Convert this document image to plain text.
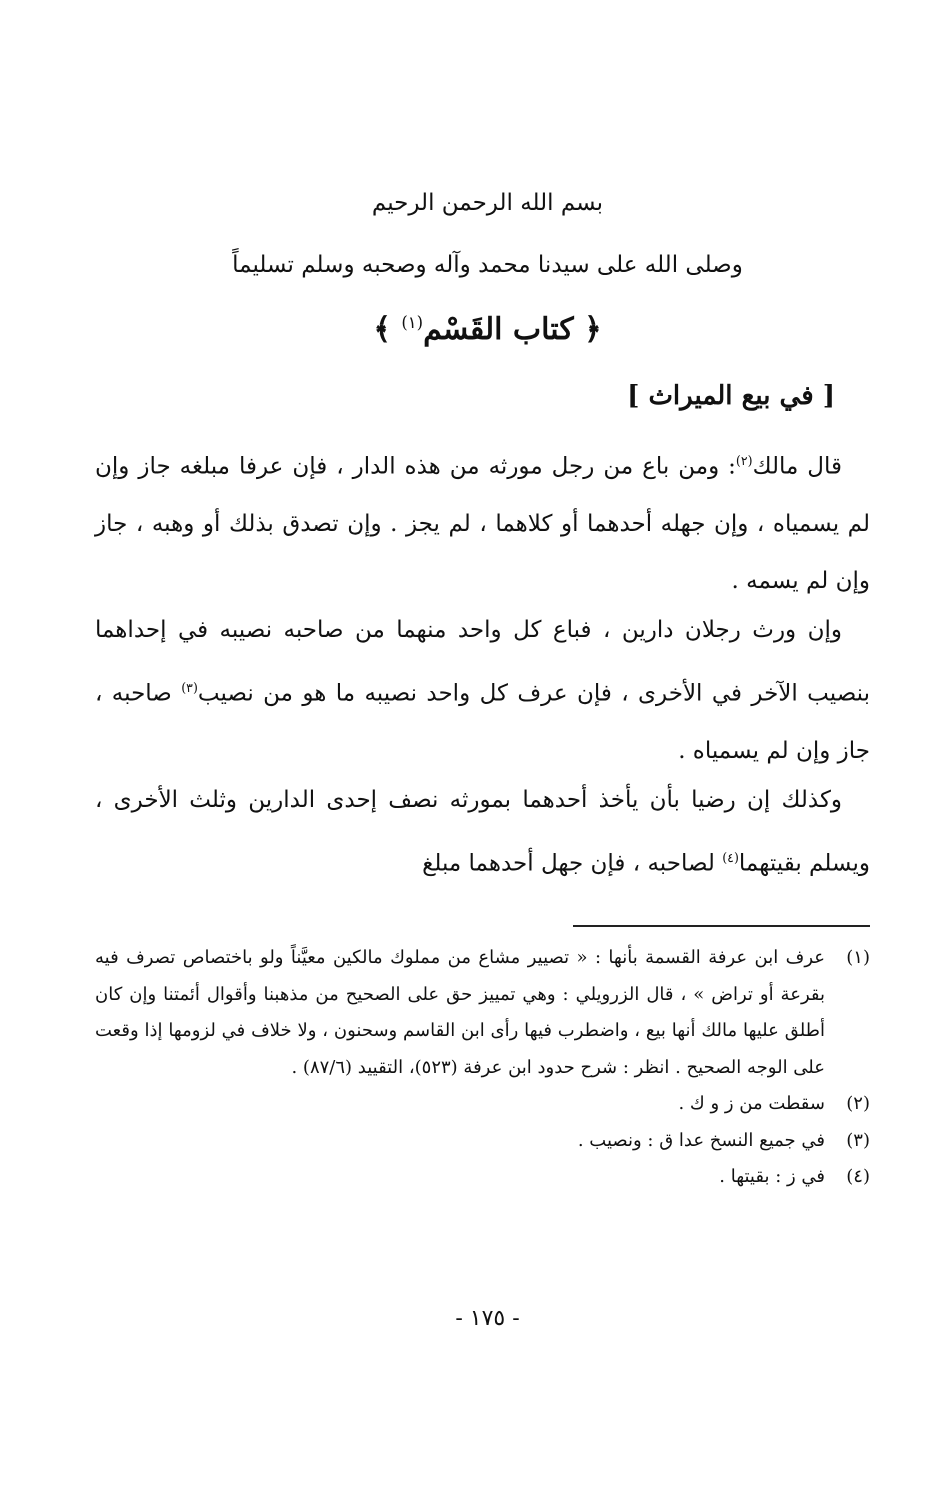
بسم الله الرحمن الرحيم
وصلى الله على سيدنا محمد وآله وصحبه وسلم تسليماً
﴿ كتاب القَسْم$^{(١)}$ ﴾
[ في بيع الميراث ]
قال مالك$^{(٢)}$: ومن باع من رجل مورثه من هذه الدار ، فإن عرفا مبلغه جاز وإن لم يسمياه ، وإن جهله أحدهما أو كلاهما ، لم يجز . وإن تصدق بذلك أو وهبه ، جاز وإن لم يسمه .
وإن ورث رجلان دارين ، فباع كل واحد منهما من صاحبه نصيبه في إحداهما بنصيب الآخر في الأخرى ، فإن عرف كل واحد نصيبه ما هو من نصيب$^{(٣)}$ صاحبه ، جاز وإن لم يسمياه .
وكذلك إن رضيا بأن يأخذ أحدهما بمورثه نصف إحدى الدارين وثلث الأخرى ، ويسلم بقيتهما$^{(٤)}$ لصاحبه ، فإن جهل أحدهما مبلغ
(١)
عرف ابن عرفة القسمة بأنها : « تصيير مشاع من مملوك مالكين معيَّناً ولو باختصاص تصرف فيه بقرعة أو تراض » ، قال الزرويلي : وهي تمييز حق على الصحيح من مذهبنا وأقوال أئمتنا وإن كان أطلق عليها مالك أنها بيع ، واضطرب فيها رأى ابن القاسم وسحنون ، ولا خلاف في لزومها إذا وقعت على الوجه الصحيح . انظر : شرح حدود ابن عرفة (٥٢٣)، التقييد (٨٧/٦) .
(٢)
سقطت من ز و ك .
(٣)
في جميع النسخ عدا ق : ونصيب .
(٤)
في ز : بقيتها .
- ١٧٥ -
